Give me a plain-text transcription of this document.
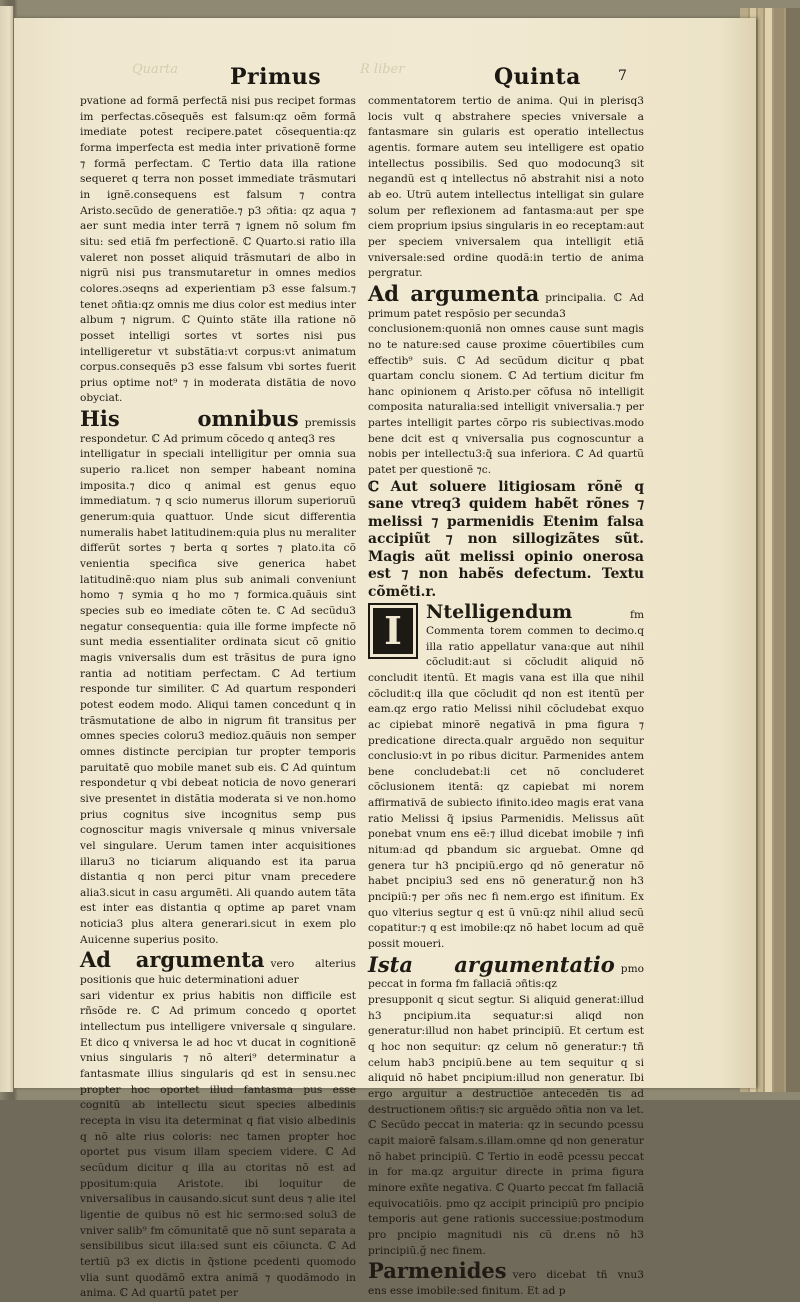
Quarta	R liber
Primus	Quinta	7

pvatione ad formã perfectã nisi pus recipet formas im perfectas.cõsequẽs est falsum:qz oẽm formã imediate potest recipere.patet cõsequentia:qz forma imperfecta est media inter privationẽ forme ⁊ formã perfectam. ℂ Tertio data illa ratione sequeret q terra non posset immediate trãsmutari in ignẽ.consequens est falsum ⁊ contra Aristo.secũdo de generatiõe.⁊ p3 ɔñtia: qz aqua ⁊ aer sunt media inter terrã ⁊ ignem nõ solum fm situ: sed etiã fm perfectionẽ. ℂ Quarto.si ratio illa valeret non posset aliquid trãsmutari de albo in nigrũ nisi pus transmutaretur in omnes medios colores.ɔseqns ad experientiam p3 esse falsum.⁊ tenet ɔñtia:qz omnis me dius color est medius inter album ⁊ nigrum. ℂ Quinto stãte illa ratione nõ posset intelligi sortes vt sortes nisi pus intelligeretur vt substãtia:vt corpus:vt animatum corpus.consequẽs p3 esse falsum vbi sortes fuerit prius optime not⁹ ⁊ in moderata distãtia de novo obyciat.

His omnibus premissis respondetur. ℂ Ad primum cõcedo q anteq3 res

intelligatur in speciali intelligitur per omnia sua superio ra.licet non semper habeant nomina imposita.⁊ dico q animal est genus equo immediatum. ⁊ q scio numerus illorum superioruũ generum:quia quattuor. Unde sicut differentia numeralis habet latitudinem:quia plus nu meraliter differũt sortes ⁊ berta q sortes ⁊ plato.ita cõ venientia specifica sive generica habet latitudinẽ:quo niam plus sub animali conveniunt homo ⁊ symia q ho mo ⁊ formica.quãuis sint species sub eo imediate cõten te. ℂ Ad secũdu3 negatur consequentia: quia ille forme impfecte nõ sunt media essentialiter ordinata sicut cõ gnitio magis vniversalis dum est trãsitus de pura igno rantia ad notitiam perfectam. ℂ Ad tertium responde tur similiter. ℂ Ad quartum responderi potest eodem modo. Aliqui tamen concedunt q in trãsmutatione de albo in nigrum fit transitus per omnes species coloru3 medioz.quãuis non semper omnes distincte percipian tur propter temporis paruitatẽ quo mobile manet sub eis. ℂ Ad quintum respondetur q vbi debeat noticia de novo generari sive presentet in distãtia moderata si ve non.homo prius cognitus sive incognitus semp pus cognoscitur magis vniversale q minus vniversale vel singulare. Uerum tamen inter acquisitiones illaru3 no ticiarum aliquando est ita parua distantia q non perci pitur vnam precedere alia3.sicut in casu argumẽti. Ali quando autem tãta est inter eas distantia q optime ap paret vnam noticia3 plus altera generari.sicut in exem plo Auicenne superius posito.

Ad argumenta vero alterius positionis que huic determinationi aduer

sari videntur ex prius habitis non difficile est rñsõde re. ℂ Ad primum concedo q oportet intellectum pus intelligere vniversale q singulare. Et dico q vniversa le ad hoc vt ducat in cognitionẽ vnius singularis ⁊ nõ alteri⁹ determinatur a fantasmate illius singularis qd est in sensu.nec propter hoc oportet illud fantasma pus esse cognitũ ab intellectu sicut species albedinis recepta in visu ita determinat q fiat visio albedinis q nõ alte rius coloris: nec tamen propter hoc oportet pus visum illam speciem videre. ℂ Ad secũdum dicitur q illa au ctoritas nõ est ad ppositum:quia Aristote. ibi loquitur de vniversalibus in causando.sicut sunt deus ⁊ alie itel ligentie de quibus nõ est hic sermo:sed solu3 de vniver salib⁹ fm cõmunitatẽ que nõ sunt separata a sensibilibus sicut illa:sed sunt eis cõiuncta. ℂ Ad tertiũ p3 ex dictis in q̃stione pcedenti quomodo vlia sunt quodãmõ extra animã ⁊ quodãmodo in anima. ℂ Ad quartũ patet per

commentatorem tertio de anima. Qui in plerisq3 locis vult q abstrahere species vniversale a fantasmare sin gularis est operatio intellectus agentis. formare autem seu intelligere est opatio intellectus possibilis. Sed quo modocunq3 sit negandũ est q intellectus nõ abstrahit nisi a noto ab eo. Utrũ autem intellectus intelligat sin gulare solum per reflexionem ad fantasma:aut per spe ciem proprium ipsius singularis in eo receptam:aut per speciem vniversalem qua intelligit etiã vniversale:sed ordine quodã:in tertio de anima pergratur.

Ad argumenta principalia. ℂ Ad primum patet respõsio per secunda3

conclusionem:quoniã non omnes cause sunt magis no te nature:sed cause proxime cõuertibiles cum effectib⁹ suis. ℂ Ad secũdum dicitur q pbat quartam conclu sionem. ℂ Ad tertium dicitur fm hanc opinionem q Aristo.per cõfusa nõ intelligit composita naturalia:sed intelligit vniversalia.⁊ per partes intelligit partes cõrpo ris subiectivas.modo bene dcit est q vniversalia pus cognoscuntur a nobis per intellectu3:q̃ sua inferiora. ℂ Ad quartũ patet per questionẽ ⁊c.

ℂ Aut soluere litigiosam rõnẽ q sane vtreq3 quidem habẽt rõnes ⁊ melissi ⁊ parmenidis Etenim falsa accipiũt ⁊ non sillogizãtes sũt. Magis aũt melissi opinio onerosa est ⁊ non habẽs defectum. Textu cõmẽti.r.

I	Ntelligendum	fm Commenta torem commen to decimo.q illa ratio appellatur vana:que aut nihil cõcludit:aut si cõcludit aliquid nõ concludit itentũ. Et magis vana est illa que nihil cõcludit:q illa que cõcludit qd non est itentũ per eam.qz ergo ratio Melissi nihil cõcludebat exquo ac cipiebat minorẽ negativã in pma figura ⁊ predicatione directa.qualr arguẽdo non sequitur conclusio:vt in po ribus dicitur. Parmenides antem bene concludebat:li cet nõ concluderet cõclusionem itentã: qz capiebat mi norem affirmativã de subiecto ifinito.ideo magis erat vana ratio Melissi q̃ ipsius Parmenidis. Melissus aũt ponebat vnum ens eẽ:⁊ illud dicebat imobile ⁊ infi nitum:ad qd pbandum sic arguebat. Omne qd genera tur h3 pncipiũ.ergo qd nõ generatur nõ habet pncipiu3 sed ens nõ generatur.ğ non h3 pncipiũ:⁊ per ɔñs nec fi nem.ergo est ifinitum. Ex quo vlterius segtur q est ũ vnũ:qz nihil aliud secũ copatitur:⁊ q est imobile:qz nõ habet locum ad quẽ possit moueri.

Ista argumentatio pmo peccat in forma fm fallaciã ɔñtis:qz

presupponit q sicut segtur. Si aliquid generat:illud h3 pncipium.ita sequatur:si aliqd non generatur:illud non habet principiũ. Et certum est q hoc non sequitur: qz celum nõ generatur:⁊ tñ celum hab3 pncipiũ.bene au tem sequitur q si aliquid nõ habet pncipium:illud non generatur. Ibi ergo arguitur a destructiõe antecedẽn tis ad destructionem ɔñtis:⁊ sic arguẽdo ɔñtia non va let. ℂ Secũdo peccat in materia: qz in secundo pcessu capit maiorẽ falsam.s.illam.omne qd non generatur nõ habet principiũ. ℂ Tertio in eodẽ pcessu peccat in for ma.qz arguitur directe in prima figura minore exñte negativa. ℂ Quarto peccat fm fallaciã equivocatiõis. pmo qz accipit principiũ pro pncipio temporis aut gene rationis successiue:postmodum pro pncipio magnitudi nis cũ dr.ens nõ h3 principiũ.ğ nec finem.

Parmenides vero dicebat tñ vnu3 ens esse imobile:sed finitum. Et ad p
